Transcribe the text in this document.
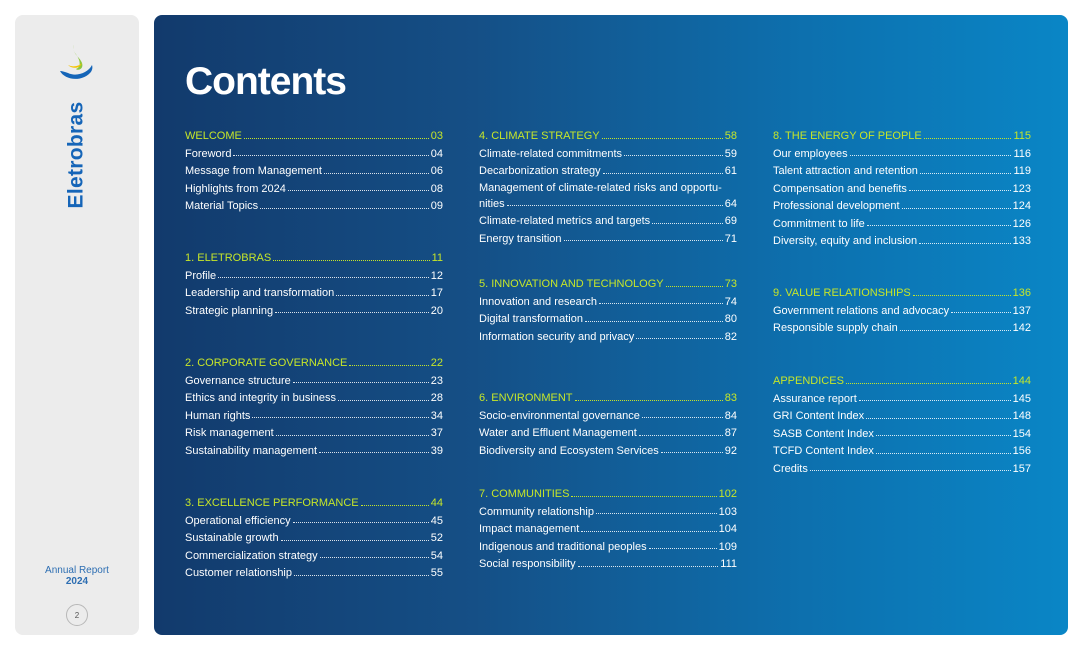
Eletrobras
Annual Report
2024
2
Contents
WELCOME	03
Foreword	04
Message from Management	06
Highlights from 2024	08
Material Topics	09
1. ELETROBRAS	11
Profile	12
Leadership and transformation	17
Strategic planning	20
2. CORPORATE GOVERNANCE	22
Governance structure	23
Ethics and integrity in business	28
Human rights	34
Risk management	37
Sustainability management	39
3. EXCELLENCE PERFORMANCE	44
Operational efficiency	45
Sustainable growth	52
Commercialization strategy	54
Customer relationship	55
4. CLIMATE STRATEGY	58
Climate-related commitments	59
Decarbonization strategy	61
Management of climate-related risks and opportu-
nities	64
Climate-related metrics and targets	69
Energy transition	71
5. INNOVATION AND TECHNOLOGY	73
Innovation and research	74
Digital transformation	80
Information security and privacy	82
6. ENVIRONMENT	83
Socio-environmental governance	84
Water and Effluent Management	87
Biodiversity and Ecosystem Services	92
7. COMMUNITIES	102
Community relationship	103
Impact management	104
Indigenous and traditional peoples	109
Social responsibility	111
8. THE ENERGY OF PEOPLE	115
Our employees	116
Talent attraction and retention	119
Compensation and benefits	123
Professional development	124
Commitment to life	126
Diversity, equity and inclusion	133
9. VALUE RELATIONSHIPS	136
Government relations and advocacy	137
Responsible supply chain	142
APPENDICES	144
Assurance report	145
GRI Content Index	148
SASB Content Index	154
TCFD Content Index	156
Credits	157
